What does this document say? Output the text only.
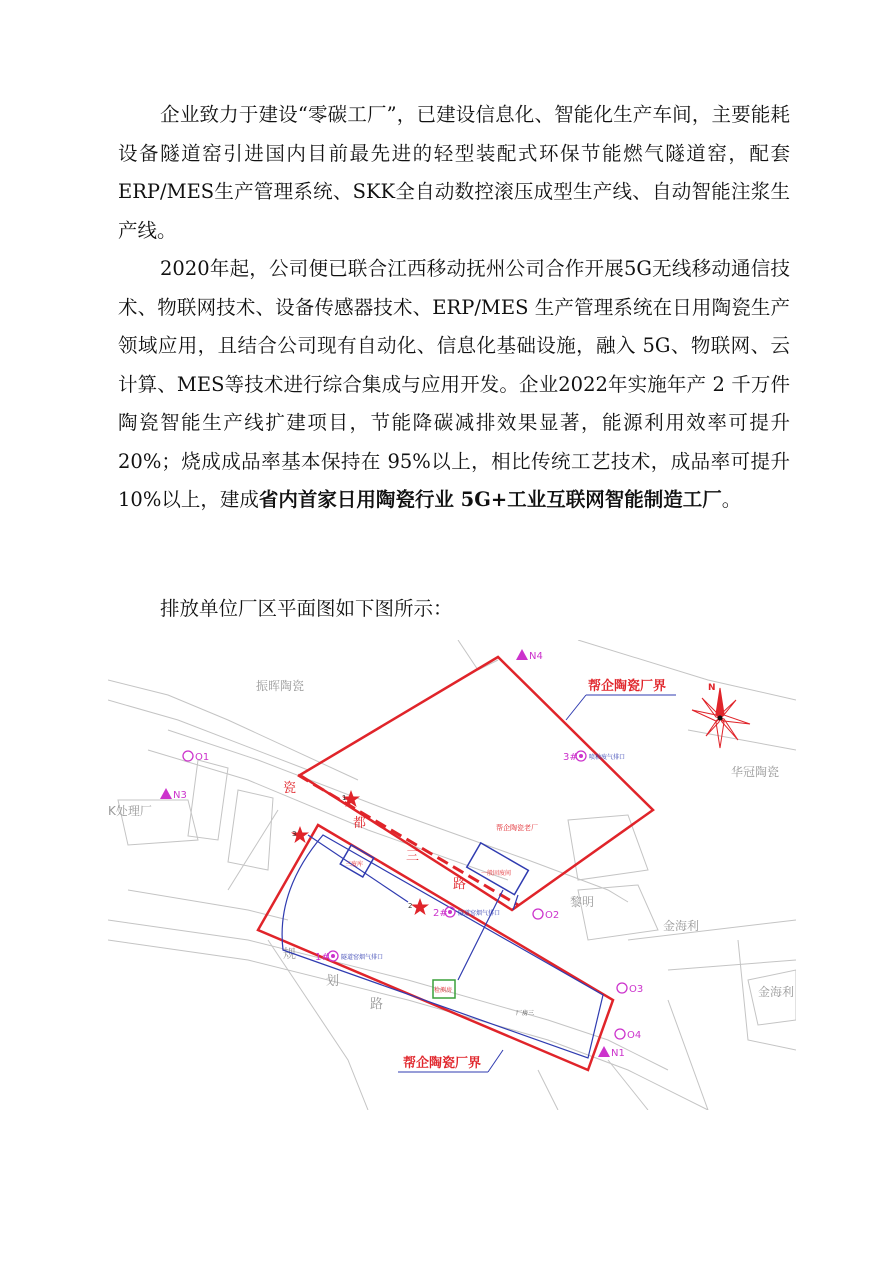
企业致力于建设“零碳工厂”，已建设信息化、智能化生产车间，主要能耗设备隧道窑引进国内目前最先进的轻型装配式环保节能燃气隧道窑，配套ERP/MES生产管理系统、SKK全自动数控滚压成型生产线、自动智能注浆生产线。
2020年起，公司便已联合江西移动抚州公司合作开展5G无线移动通信技术、物联网技术、设备传感器技术、ERP/MES 生产管理系统在日用陶瓷生产领域应用，且结合公司现有自动化、信息化基础设施，融入 5G、物联网、云计算、MES等技术进行综合集成与应用开发。企业2022年实施年产 2 千万件陶瓷智能生产线扩建项目，节能降碳减排效果显著，能源利用效率可提升 20%；烧成成品率基本保持在 95%以上，相比传统工艺技术，成品率可提升 10%以上，建成省内首家日用陶瓷行业 5G+工业互联网智能制造工厂。
排放单位厂区平面图如下图所示：
瓷
都
三
路
规
划
路
三废库
一般固废间
检测房
厂房三
帮企陶瓷老厂
帮企陶瓷厂界
帮企陶瓷厂界
振晖陶瓷
华冠陶瓷
金海利
金海利
黎明
K处理厂
O1
O2
O3
O4
N1
N3
N4
1# 隧道窑烟气排口
2# 隧道窑烟气排口
3# 喷釉废气排口
1
2
3
N
